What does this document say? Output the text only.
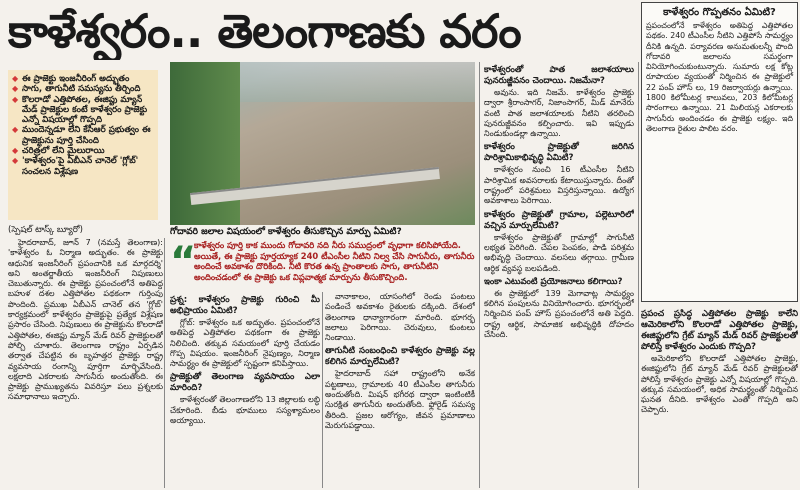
కాళేశ్వరం.. తెలంగాణకు వరం
◆ ఈ ప్రాజెక్టు ఇంజనీరింగ్ అద్భుతం
◆ సాగు, తాగునీటి సమస్యను తీర్చింది
◆ కొలరాడో ఎత్తిపోతల, ఈజిప్టు మ్యాన్ మేడ్ ప్రాజెక్టుల కంటే కాళేశ్వరం ప్రాజెక్టు ఎన్నో విషయాల్లో గొప్పది
◆ ముందెన్నడూ లేని కేసీఆర్ ప్రభుత్వం ఈ ప్రాజెక్టును పూర్తి చేసింది
◆ చరిత్రలో లేని మైలురాయి
◆ 'కాళేశ్వరం'పై ఏబీఎన్ చానెల్ 'గ్లోబ్' సంచలన విశ్లేషణ
గోదావరి జలాల విషయంలో కాళేశ్వరం తీసుకొచ్చిన మార్పు ఏమిటి?
“
కాళేశ్వరం పూర్తి కాక ముందు గోదావరి నది నీరు సముద్రంలో వృధాగా కలిసిపోయేది. అయితే, ఈ ప్రాజెక్టు పూర్తయ్యాక 240 టీఎంసీల నీటిని నిల్వ చేసి సాగునీరు, తాగునీరు అందించే అవకాశం దొరికింది. నీటి కొరత ఉన్న ప్రాంతాలకు సాగు, తాగునీటిని అందించడంలో ఈ ప్రాజెక్టు ఒక విప్లవాత్మక మార్పును తీసుకొచ్చింది.
(స్పెషల్ టాస్క్ బ్యూరో)

హైదరాబాద్, జూన్ 7 (నమస్తే తెలంగాణ): 'కాళేశ్వరం ఓ నిర్మాణ అద్భుతం. ఈ ప్రాజెక్టు ఆధునిక ఇంజనీరింగ్ ప్రపంచానికి ఒక మార్గదర్శి' అని అంతర్జాతీయ ఇంజనీరింగ్ నిపుణులు చెబుతున్నారు. ఈ ప్రాజెక్టు ప్రపంచంలోనే అతిపెద్ద బహుళ దశల ఎత్తిపోతల పథకంగా గుర్తింపు పొందింది. ప్రముఖ ఏబీఎన్ చానెల్ తన 'గ్లోబ్' కార్యక్రమంలో కాళేశ్వరం ప్రాజెక్టుపై ప్రత్యేక విశ్లేషణ ప్రసారం చేసింది. నిపుణులు ఈ ప్రాజెక్టును కొలరాడో ఎత్తిపోతల, ఈజిప్టు మ్యాన్ మేడ్ రివర్ ప్రాజెక్టులతో పోల్చి చూశారు. తెలంగాణ రాష్ట్రం ఏర్పడిన తర్వాత చేపట్టిన ఈ బృహత్తర ప్రాజెక్టు రాష్ట్ర వ్యవసాయ రంగాన్ని పూర్తిగా మార్చివేసింది. లక్షలాది ఎకరాలకు సాగునీరు అందుతోంది. ఈ ప్రాజెక్టు ప్రాముఖ్యతను వివరిస్తూ పలు ప్రశ్నలకు సమాధానాలు ఇచ్చారు.

ప్రశ్న: కాళేశ్వరం ప్రాజెక్టు గురించి మీ అభిప్రాయం ఏమిటి?

గ్లోబ్: కాళేశ్వరం ఒక అద్భుతం. ప్రపంచంలోనే అతిపెద్ద ఎత్తిపోతల పథకంగా ఈ ప్రాజెక్టు నిలిచింది. తక్కువ సమయంలో పూర్తి చేయడం గొప్ప విషయం. ఇంజనీరింగ్ నైపుణ్యం, నిర్మాణ సామర్థ్యం ఈ ప్రాజెక్టులో స్పష్టంగా కనిపిస్తాయి.

ప్రాజెక్టుతో తెలంగాణ వ్యవసాయం ఎలా మారింది?

కాళేశ్వరంతో తెలంగాణలోని 13 జిల్లాలకు లబ్ధి చేకూరింది. బీడు భూములు సస్యశ్యామలం అయ్యాయి.

వానాకాలం, యాసంగిలో రెండు పంటలు పండించే అవకాశం రైతులకు దక్కింది. దేశంలో తెలంగాణ ధాన్యాగారంగా మారింది. భూగర్భ జలాలు పెరిగాయి. చెరువులు, కుంటలు నిండాయి.

తాగునీటి సంబంధించి కాళేశ్వరం ప్రాజెక్టు వల్ల కలిగిన మార్పులేమిటి?

హైదరాబాద్ సహా రాష్ట్రంలోని అనేక పట్టణాలు, గ్రామాలకు 40 టీఎంసీల తాగునీరు అందుతోంది. మిషన్ భగీరథ ద్వారా ఇంటింటికీ సురక్షిత తాగునీరు అందుతోంది. ఫ్లోరైడ్ సమస్య తీరింది. ప్రజల ఆరోగ్యం, జీవన ప్రమాణాలు మెరుగుపడ్డాయి.

కాళేశ్వరంతో పాత జలాశయాలు పునరుజ్జీవనం చెందాయి. నిజమేనా?

అవును. ఇది నిజమే. కాళేశ్వరం ప్రాజెక్టు ద్వారా శ్రీరాంసాగర్, నిజాంసాగర్, మిడ్ మానేరు వంటి పాత జలాశయాలకు నీటిని తరలించి పునరుజ్జీవనం కల్పించారు. ఇవి ఇప్పుడు నిండుకుండల్లా ఉన్నాయి.

కాళేశ్వరం ప్రాజెక్టుతో జరిగిన పారిశ్రామికాభివృద్ధి ఏమిటి?

కాళేశ్వరం నుంచి 16 టీఎంసీల నీటిని పారిశ్రామిక అవసరాలకు కేటాయిస్తున్నారు. దీంతో రాష్ట్రంలో పరిశ్రమలు విస్తరిస్తున్నాయి. ఉద్యోగ అవకాశాలు పెరిగాయి.

కాళేశ్వరం ప్రాజెక్టుతో గ్రామాల, పల్లెటూరిలో వచ్చిన మార్పులేమిటి?

కాళేశ్వరం ప్రాజెక్టుతో గ్రామాల్లో సాగునీటి లభ్యత పెరిగింది. చేపల పెంపకం, పాడి పరిశ్రమ అభివృద్ధి చెందాయి. వలసలు తగ్గాయి. గ్రామీణ ఆర్థిక వ్యవస్థ బలపడింది.

ఇంకా ఎటువంటి ప్రయోజనాలు కలిగాయి?

ఈ ప్రాజెక్టులో 139 మెగావాట్ల సామర్థ్యం కలిగిన పంపులను వినియోగించారు. భూగర్భంలో నిర్మించిన పంప్ హౌస్ ప్రపంచంలోనే అతి పెద్దది. రాష్ట్ర ఆర్థిక, సామాజిక అభివృద్ధికి దోహదం చేసింది.

కాళేశ్వరం గొప్పతనం ఏమిటి?
ప్రపంచంలోనే కాళేశ్వరం అతిపెద్ద ఎత్తిపోతల పథకం. 240 టీఎంసీల నీటిని ఎత్తిపోసే సామర్థ్యం దీనికి ఉన్నది. పర్యావరణ అనుమతులన్నీ పొంది గోదావరి జలాలను సమర్థంగా వినియోగించుకుంటున్నారు. సుమారు లక్ష కోట్ల రూపాయల వ్యయంతో నిర్మించిన ఈ ప్రాజెక్టులో 22 పంప్ హౌస్ లు, 19 రిజర్వాయర్లు ఉన్నాయి. 1800 కిలోమీటర్ల కాలువలు, 203 కిలోమీటర్ల సొరంగాలు ఉన్నాయి. 21 మిలియన్ల ఎకరాలకు సాగునీరు అందించడం ఈ ప్రాజెక్టు లక్ష్యం. ఇది తెలంగాణ రైతుల పాలిట వరం.

ప్రపంచ ప్రసిద్ధ ఎత్తిపోతల ప్రాజెక్టు కాలేని ఆమెరికాలోని కొలరాడో ఎత్తిపోతల ప్రాజెక్టు, ఈజిప్టులోని గ్రేట్ మ్యాన్ మేడ్ రివర్ ప్రాజెక్టులతో పోలిస్తే కాళేశ్వరం ఎందుకు గొప్పది?

అమెరికాలోని కొలరాడో ఎత్తిపోతల ప్రాజెక్టు, ఈజిప్టులోని గ్రేట్ మ్యాన్ మేడ్ రివర్ ప్రాజెక్టులతో పోలిస్తే కాళేశ్వరం ప్రాజెక్టు ఎన్నో విషయాల్లో గొప్పది. తక్కువ సమయంలో, అధిక సామర్థ్యంతో నిర్మించిన ఘనత దీనిది. కాళేశ్వరం ఎంతో గొప్పది అని చెప్పారు.
